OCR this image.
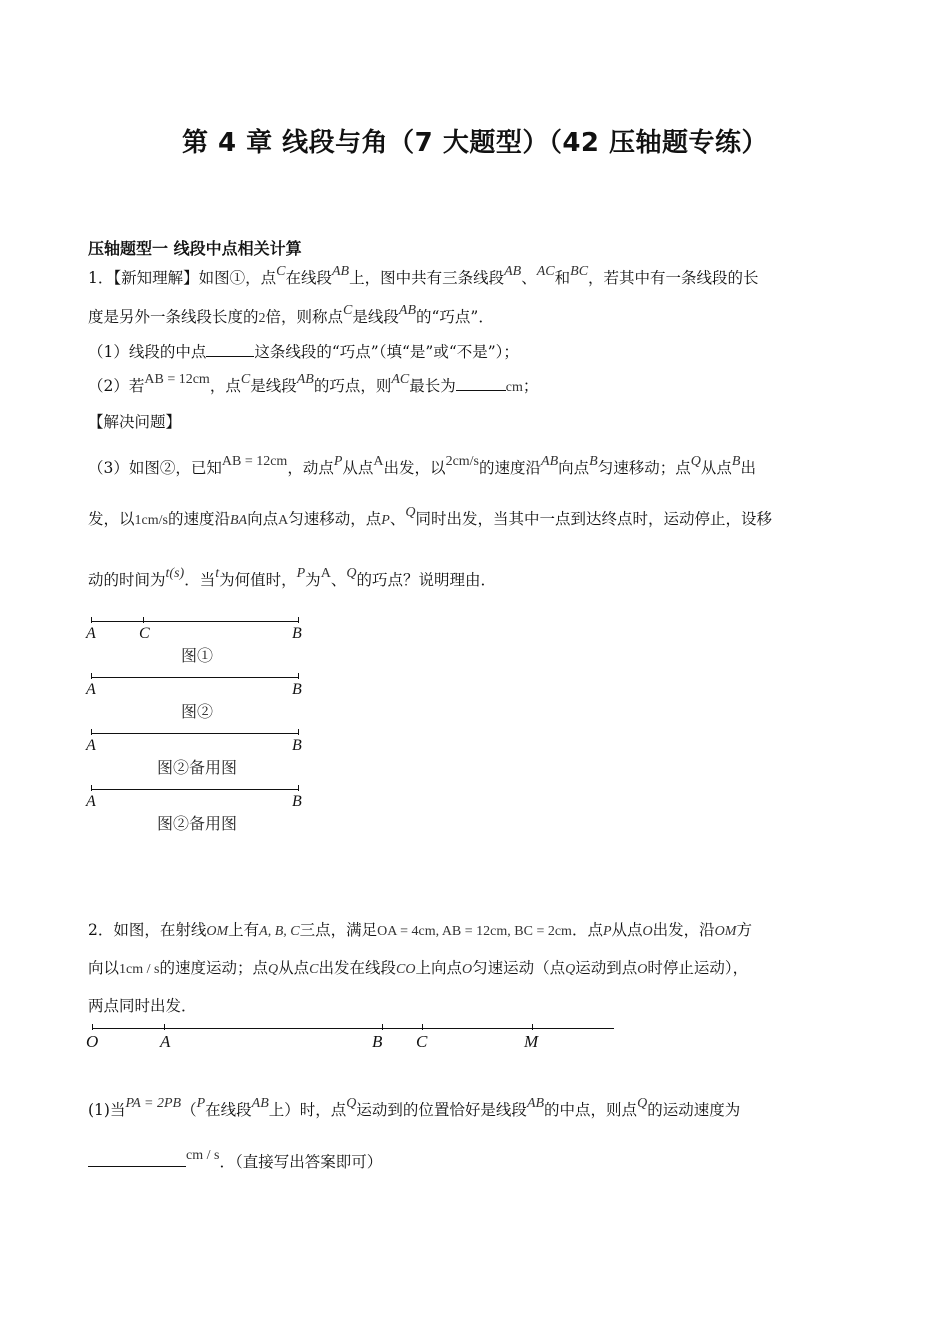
第 4 章 线段与角（7 大题型）（42 压轴题专练）
压轴题型一 线段中点相关计算
1．【新知理解】如图①，点C在线段AB上，图中共有三条线段AB、AC和BC，若其中有一条线段的长
度是另外一条线段长度的2倍，则称点C是线段AB的“巧点”．
（1）线段的中点	这条线段的“巧点”（填“是”或“不是”）；
（2）若AB = 12cm，点C是线段AB的巧点，则AC最长为	cm；
【解决问题】
（3）如图②，已知AB = 12cm，动点P从点A出发，以2cm/s的速度沿AB向点B匀速移动；点Q从点B出
发，以1cm/s的速度沿BA向点A匀速移动，点P、Q同时出发，当其中一点到达终点时，运动停止，设移
动的时间为t(s)．当t为何值时，P为A、Q的巧点？说明理由．
A	C	B
图①
A	B
图②
A	B
图②备用图
A	B
图②备用图
2．如图，在射线OM上有A, B, C三点，满足OA = 4cm, AB = 12cm, BC = 2cm．点P从点O出发，沿OM方
向以1cm / s的速度运动；点Q从点C出发在线段CO上向点O匀速运动（点Q运动到点O时停止运动），
两点同时出发．
O	A	B C	M
(1)当PA = 2PB（P在线段AB上）时，点Q运动到的位置恰好是线段AB的中点，则点Q的运动速度为
cm / s．（直接写出答案即可）
